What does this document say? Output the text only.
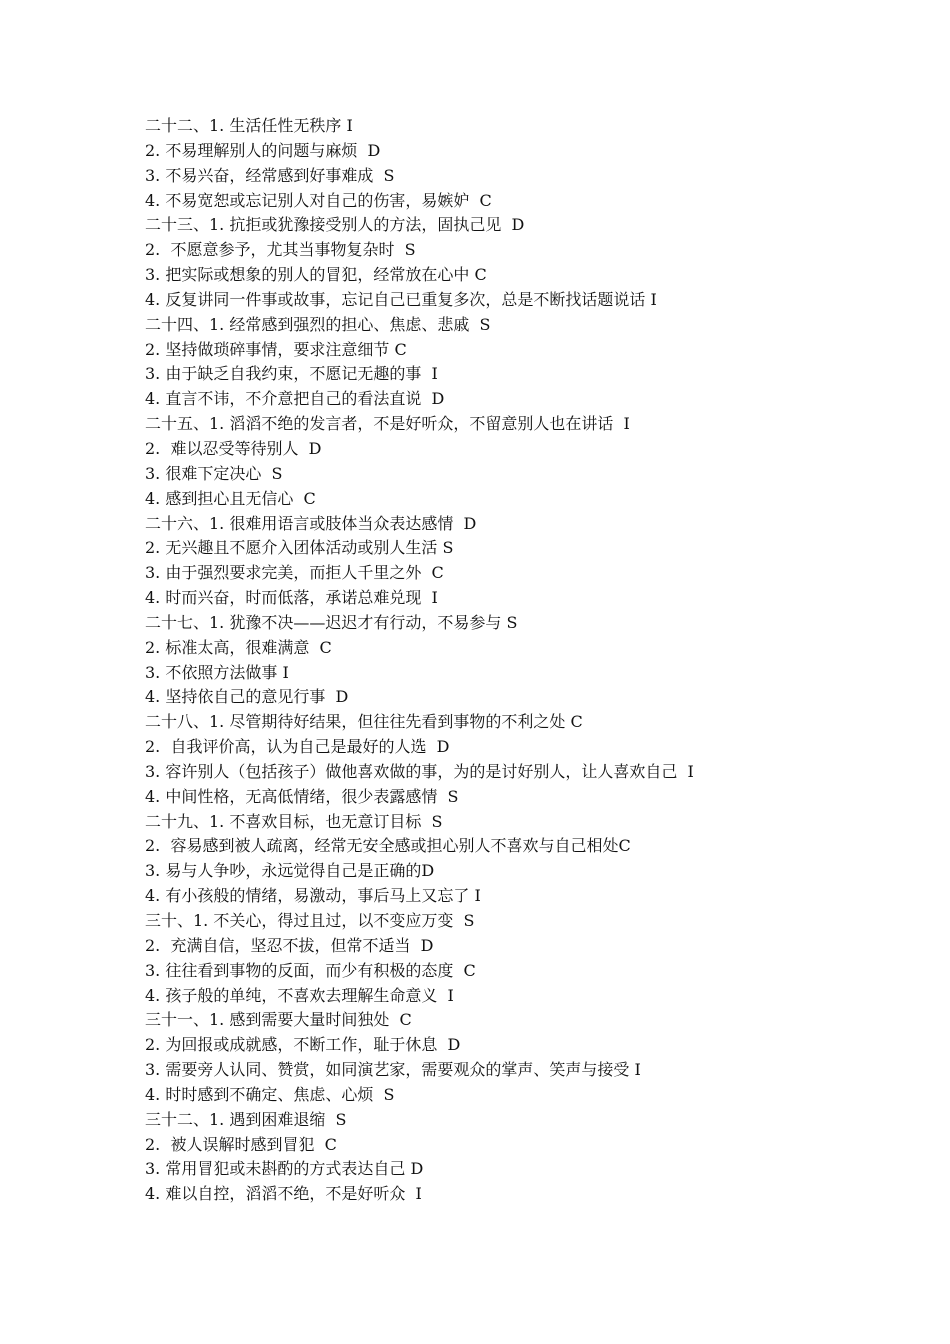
二十二、1. 生活任性无秩序 I
2. 不易理解别人的问题与麻烦  D
3. 不易兴奋，经常感到好事难成  S
4. 不易宽恕或忘记别人对自己的伤害，易嫉妒  C
二十三、1. 抗拒或犹豫接受别人的方法，固执己见  D
2.  不愿意参予，尤其当事物复杂时  S
3. 把实际或想象的别人的冒犯，经常放在心中 C
4. 反复讲同一件事或故事，忘记自己已重复多次，总是不断找话题说话 I
二十四、1. 经常感到强烈的担心、焦虑、悲戚  S
2. 坚持做琐碎事情，要求注意细节 C
3. 由于缺乏自我约束，不愿记无趣的事  I
4. 直言不讳，不介意把自己的看法直说  D
二十五、1. 滔滔不绝的发言者，不是好听众，不留意别人也在讲话  I
2.  难以忍受等待别人  D
3. 很难下定决心  S
4. 感到担心且无信心  C
二十六、1. 很难用语言或肢体当众表达感情  D
2. 无兴趣且不愿介入团体活动或别人生活 S
3. 由于强烈要求完美，而拒人千里之外  C
4. 时而兴奋，时而低落，承诺总难兑现  I
二十七、1. 犹豫不决——迟迟才有行动，不易参与 S
2. 标准太高，很难满意  C
3. 不依照方法做事 I
4. 坚持依自己的意见行事  D
二十八、1. 尽管期待好结果，但往往先看到事物的不利之处 C
2.  自我评价高，认为自己是最好的人选  D
3. 容许别人（包括孩子）做他喜欢做的事，为的是讨好别人，让人喜欢自己  I
4. 中间性格，无高低情绪，很少表露感情  S
二十九、1. 不喜欢目标，也无意订目标  S
2.  容易感到被人疏离，经常无安全感或担心别人不喜欢与自己相处C
3. 易与人争吵，永远觉得自己是正确的D
4. 有小孩般的情绪，易激动，事后马上又忘了 I
三十、1. 不关心，得过且过，以不变应万变  S
2.  充满自信，坚忍不拔，但常不适当  D
3. 往往看到事物的反面，而少有积极的态度  C
4. 孩子般的单纯，不喜欢去理解生命意义  I
三十一、1. 感到需要大量时间独处  C
2. 为回报或成就感，不断工作，耻于休息  D
3. 需要旁人认同、赞赏，如同演艺家，需要观众的掌声、笑声与接受 I
4. 时时感到不确定、焦虑、心烦  S
三十二、1. 遇到困难退缩  S
2.  被人误解时感到冒犯  C
3. 常用冒犯或未斟酌的方式表达自己 D
4. 难以自控，滔滔不绝，不是好听众  I
